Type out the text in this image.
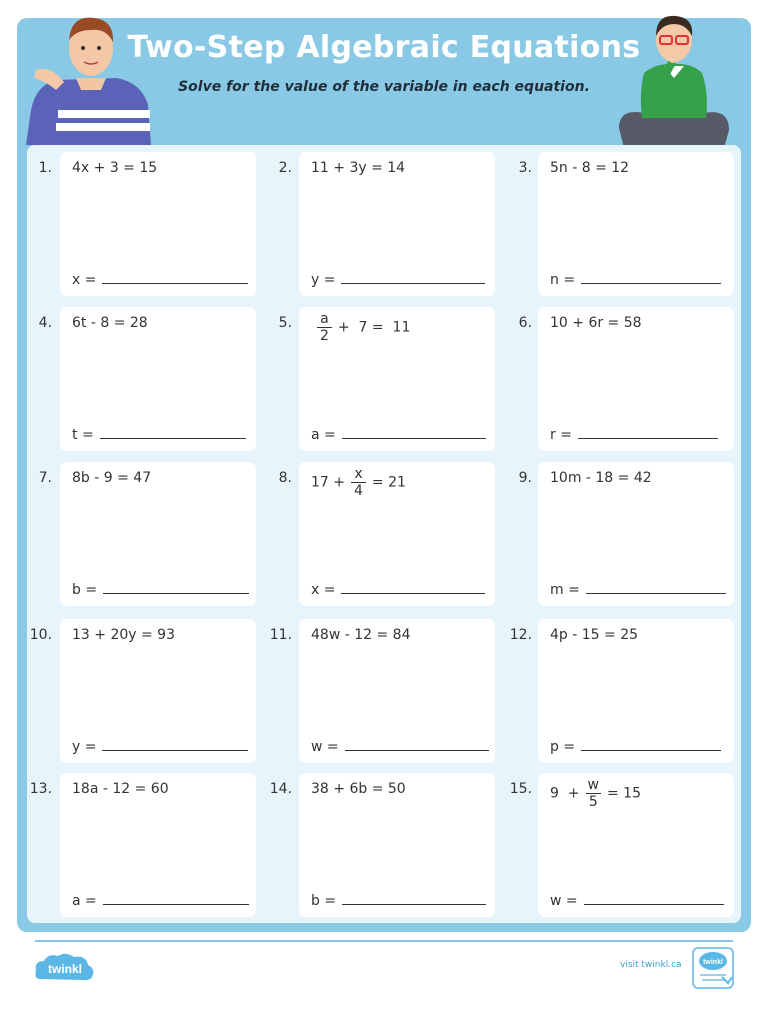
Two-Step Algebraic Equations
Solve for the value of the variable in each equation.
1. 4x + 3 = 15
x =
2. 11 + 3y = 14
y =
3. 5n - 8 = 12
n =
4. 6t - 8 = 28
t =
5. $\frac{a}{2} + 7 = 11$
a =
6. 10 + 6r = 58
r =
7. 8b - 9 = 47
b =
8. $17 + \frac{x}{4} = 21$
x =
9. 10m - 18 = 42
m =
10. 13 + 20y = 93
y =
11. 48w - 12 = 84
w =
12. 4p - 15 = 25
p =
13. 18a - 12 = 60
a =
14. 38 + 6b = 50
b =
15. $9 + \frac{w}{5} = 15$
w =
twinkl	visit twinkl.ca	twinkl
